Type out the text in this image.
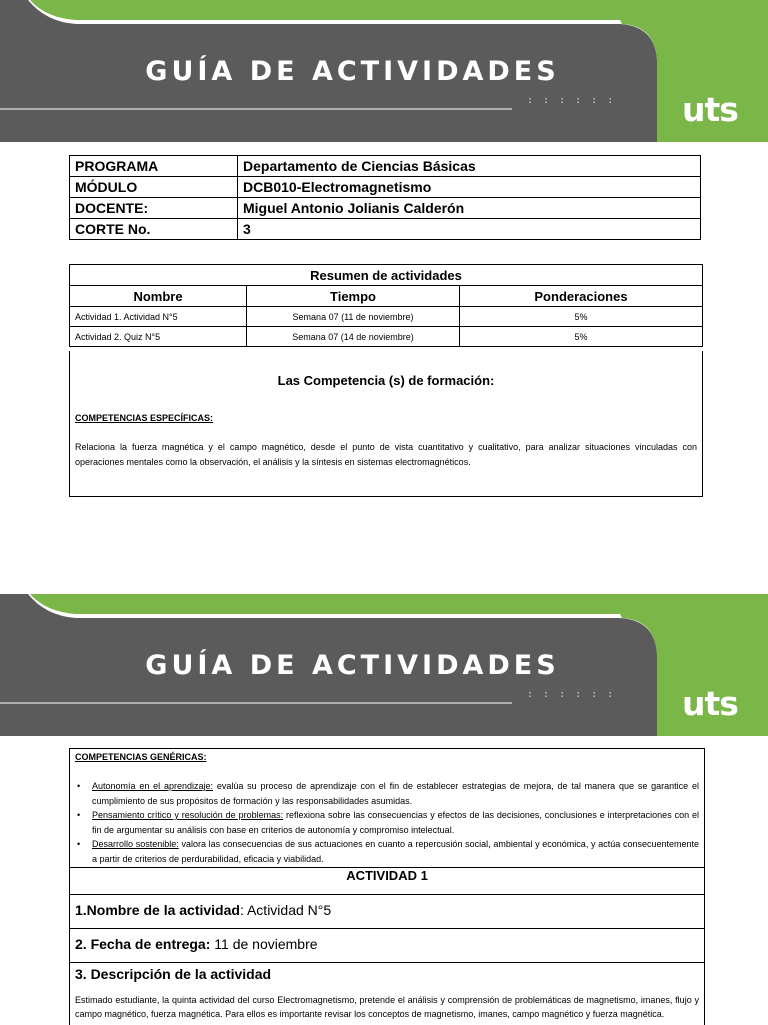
GUÍA DE ACTIVIDADES
: : : : : : uts
PROGRAMA	Departamento de Ciencias Básicas
MÓDULO	DCB010-Electromagnetismo
DOCENTE:	Miguel Antonio Jolianis Calderón
CORTE No.	3
Resumen de actividades		
Nombre	Tiempo	Ponderaciones
Actividad 1. Actividad N°5	Semana 07 (11 de noviembre)	5%
Actividad 2. Quiz N°5	Semana 07 (14 de noviembre)	5%
Las Competencia (s) de formación:
COMPETENCIAS ESPECÍFICAS:
Relaciona la fuerza magnética y el campo magnético, desde el punto de vista cuantitativo y cualitativo, para analizar situaciones vinculadas con operaciones mentales como la observación, el análisis y la síntesis en sistemas electromagnéticos.
GUÍA DE ACTIVIDADES
: : : : : : uts
COMPETENCIAS GENÉRICAS:
• Autonomía en el aprendizaje: evalúa su proceso de aprendizaje con el fin de establecer estrategias de mejora, de tal manera que se garantice el cumplimiento de sus propósitos de formación y las responsabilidades asumidas.
• Pensamiento crítico y resolución de problemas: reflexiona sobre las consecuencias y efectos de las decisiones, conclusiones e interpretaciones con el fin de argumentar su análisis con base en criterios de autonomía y compromiso intelectual.
• Desarrollo sostenible: valora las consecuencias de sus actuaciones en cuanto a repercusión social, ambiental y económica, y actúa consecuentemente a partir de criterios de perdurabilidad, eficacia y viabilidad.
ACTIVIDAD 1
1.Nombre de la actividad: Actividad N°5
2. Fecha de entrega: 11 de noviembre
3. Descripción de la actividad
Estimado estudiante, la quinta actividad del curso Electromagnetismo, pretende el análisis y comprensión de problemáticas de magnetismo, imanes, flujo y campo magnético, fuerza magnética. Para ellos es importante revisar los conceptos de magnetismo, imanes, campo magnético y fuerza magnética.
